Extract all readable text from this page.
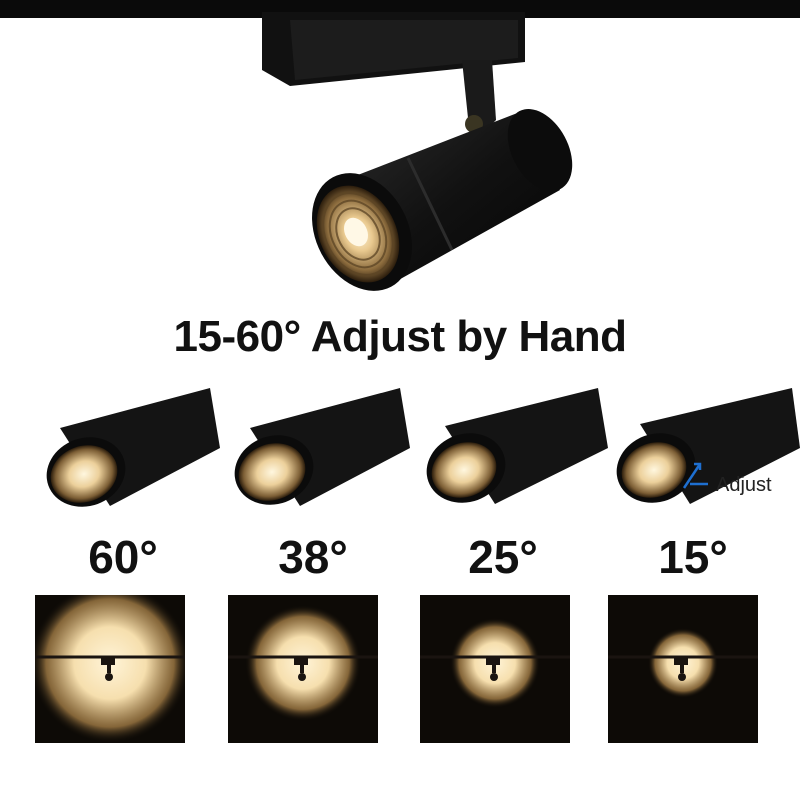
15-60° Adjust by Hand
Adjust
60°	38°	25°	15°
